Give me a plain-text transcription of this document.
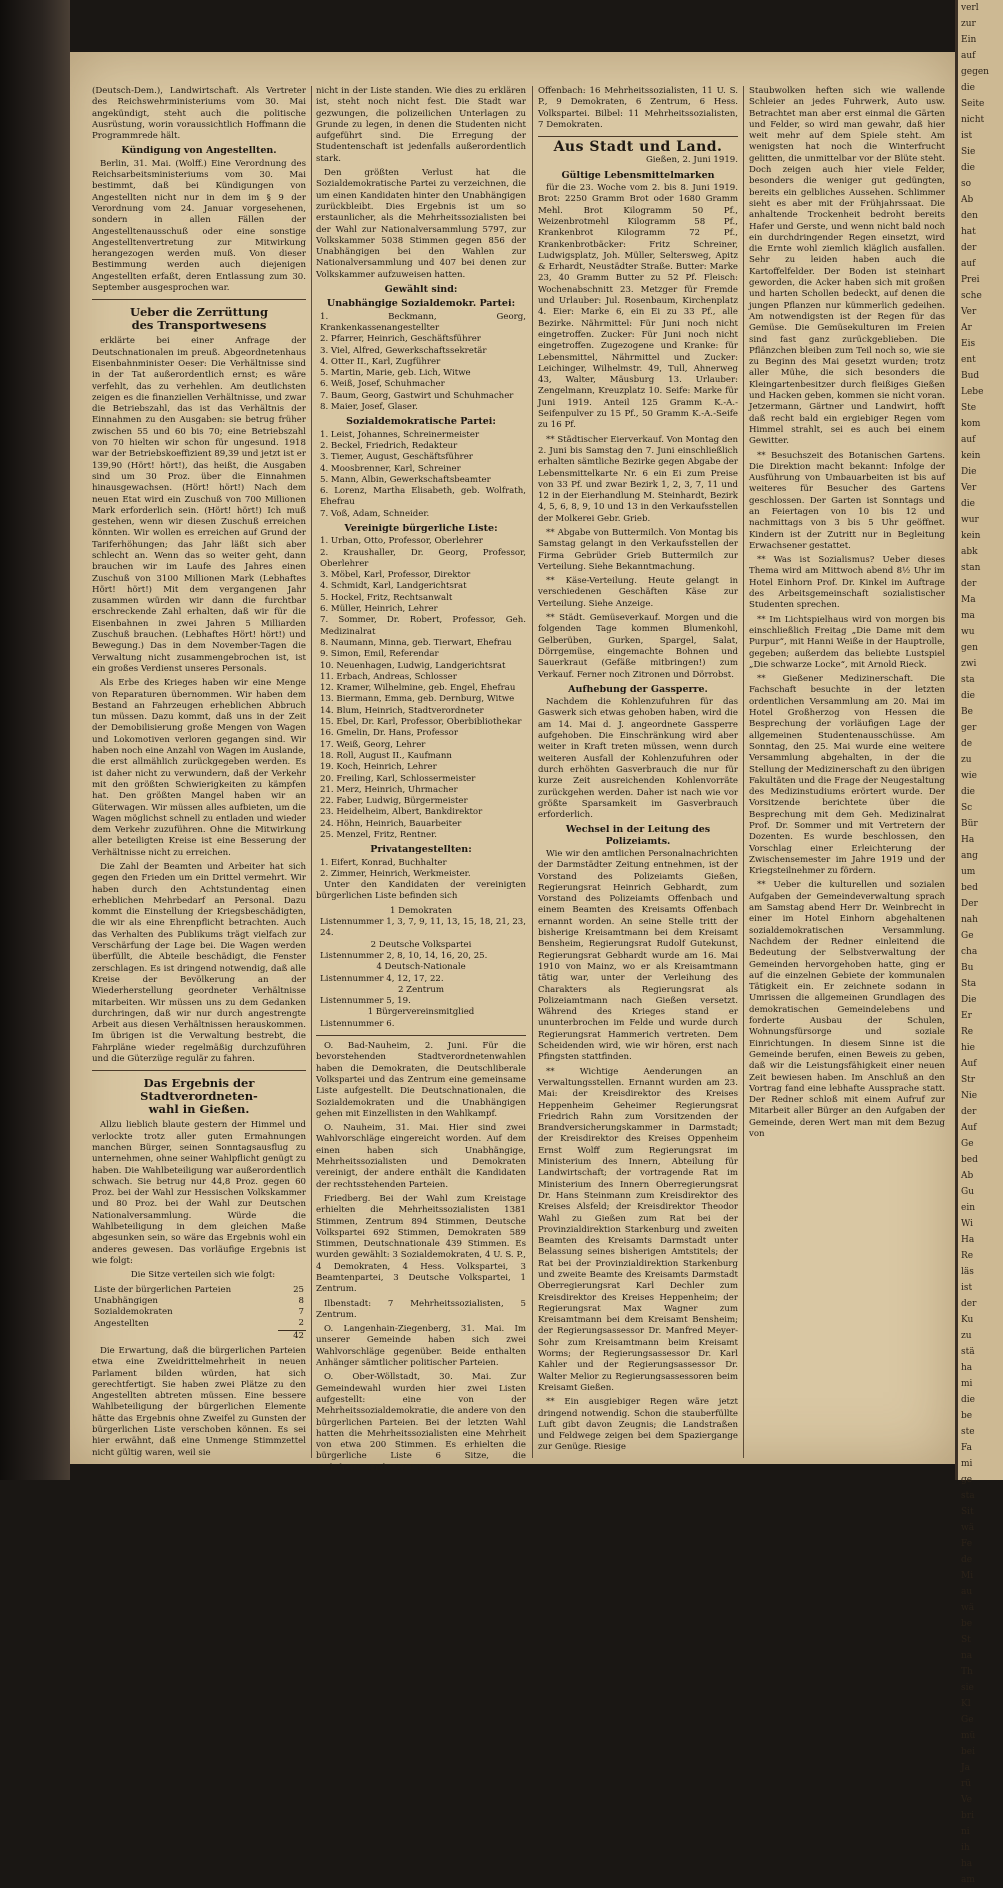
(Deutsch-Dem.), Landwirtschaft. Als Vertreter des Reichswehrministeriums vom 30. Mai angekündigt, steht auch die politische Ausrüstung, worin voraussichtlich Hoffmann die Programmrede hält.

Kündigung von Angestellten.

Berlin, 31. Mai. (Wolff.) Eine Verordnung des Reichsarbeitsministeriums vom 30. Mai bestimmt, daß bei Kündigungen von Angestellten nicht nur in dem im § 9 der Verordnung vom 24. Januar vorgesehenen, sondern in allen Fällen der Angestelltenausschuß oder eine sonstige Angestelltenvertretung zur Mitwirkung herangezogen werden muß. Von dieser Bestimmung werden auch diejenigen Angestellten erfaßt, deren Entlassung zum 30. September ausgesprochen war.

Ueber die Zerrüttung
des Transportwesens

erklärte bei einer Anfrage der Deutschnationalen im preuß. Abgeordnetenhaus Eisenbahnminister Oeser: Die Verhältnisse sind in der Tat außerordentlich ernst; es wäre verfehlt, das zu verhehlen. Am deutlichsten zeigen es die finanziellen Verhältnisse, und zwar die Betriebszahl, das ist das Verhältnis der Einnahmen zu den Ausgaben: sie betrug früher zwischen 55 und 60 bis 70; eine Betriebszahl von 70 hielten wir schon für ungesund. 1918 war der Betriebskoeffizient 89,39 und jetzt ist er 139,90 (Hört! hört!), das heißt, die Ausgaben sind um 30 Proz. über die Einnahmen hinausgewachsen. (Hört! hört!) Nach dem neuen Etat wird ein Zuschuß von 700 Millionen Mark erforderlich sein. (Hört! hört!) Ich muß gestehen, wenn wir diesen Zuschuß erreichen könnten. Wir wollen es erreichen auf Grund der Tariferhöhungen; das Jahr läßt sich aber schlecht an. Wenn das so weiter geht, dann brauchen wir im Laufe des Jahres einen Zuschuß von 3100 Millionen Mark (Lebhaftes Hört! hört!) Mit dem vergangenen Jahr zusammen würden wir dann die furchtbar erschreckende Zahl erhalten, daß wir für die Eisenbahnen in zwei Jahren 5 Milliarden Zuschuß brauchen. (Lebhaftes Hört! hört!) und Bewegung.) Das in dem November-Tagen die Verwaltung nicht zusammengebrochen ist, ist ein großes Verdienst unseres Personals.

Als Erbe des Krieges haben wir eine Menge von Reparaturen übernommen. Wir haben dem Bestand an Fahrzeugen erheblichen Abbruch tun müssen. Dazu kommt, daß uns in der Zeit der Demobilisierung große Mengen von Wagen und Lokomotiven verloren gegangen sind. Wir haben noch eine Anzahl von Wagen im Auslande, die erst allmählich zurückgegeben werden. Es ist daher nicht zu verwundern, daß der Verkehr mit den größten Schwierigkeiten zu kämpfen hat. Den größten Mangel haben wir an Güterwagen. Wir müssen alles aufbieten, um die Wagen möglichst schnell zu entladen und wieder dem Verkehr zuzuführen. Ohne die Mitwirkung aller beteiligten Kreise ist eine Besserung der Verhältnisse nicht zu erreichen.

Die Zahl der Beamten und Arbeiter hat sich gegen den Frieden um ein Drittel vermehrt. Wir haben durch den Achtstundentag einen erheblichen Mehrbedarf an Personal. Dazu kommt die Einstellung der Kriegsbeschädigten, die wir als eine Ehrenpflicht betrachten. Auch das Verhalten des Publikums trägt vielfach zur Verschärfung der Lage bei. Die Wagen werden überfüllt, die Abteile beschädigt, die Fenster zerschlagen. Es ist dringend notwendig, daß alle Kreise der Bevölkerung an der Wiederherstellung geordneter Verhältnisse mitarbeiten. Wir müssen uns zu dem Gedanken durchringen, daß wir nur durch angestrengte Arbeit aus diesen Verhältnissen herauskommen. Im übrigen ist die Verwaltung bestrebt, die Fahrpläne wieder regelmäßig durchzuführen und die Güterzüge regulär zu fahren.

Das Ergebnis der Stadtverordneten-
wahl in Gießen.

Allzu lieblich blaute gestern der Himmel und verlockte trotz aller guten Ermahnungen manchen Bürger, seinen Sonntagsausflug zu unternehmen, ohne seiner Wahlpflicht genügt zu haben. Die Wahlbeteiligung war außerordentlich schwach. Sie betrug nur 44,8 Proz. gegen 60 Proz. bei der Wahl zur Hessischen Volkskammer und 80 Proz. bei der Wahl zur Deutschen Nationalversammlung. Würde die Wahlbeteiligung in dem gleichen Maße abgesunken sein, so wäre das Ergebnis wohl ein anderes gewesen. Das vorläufige Ergebnis ist wie folgt:

Die Sitze verteilen sich wie folgt:

Liste der bürgerlichen Parteien	25
Unabhängigen	8
Sozialdemokraten	7
Angestellten	2
	42

Die Erwartung, daß die bürgerlichen Parteien etwa eine Zweidrittelmehrheit in neuen Parlament bilden würden, hat sich gerechtfertigt. Sie haben zwei Plätze zu den Angestellten abtreten müssen. Eine bessere Wahlbeteiligung der bürgerlichen Elemente hätte das Ergebnis ohne Zweifel zu Gunsten der bürgerlichen Liste verschoben können. Es sei hier erwähnt, daß eine Unmenge Stimmzettel nicht gültig waren, weil sie

nicht in der Liste standen. Wie dies zu erklären ist, steht noch nicht fest. Die Stadt war gezwungen, die polizeilichen Unterlagen zu Grunde zu legen, in denen die Studenten nicht aufgeführt sind. Die Erregung der Studentenschaft ist jedenfalls außerordentlich stark.

Den größten Verlust hat die Sozialdemokratische Partei zu verzeichnen, die um einen Kandidaten hinter den Unabhängigen zurückbleibt. Dies Ergebnis ist um so erstaunlicher, als die Mehrheitssozialisten bei der Wahl zur Nationalversammlung 5797, zur Volkskammer 5038 Stimmen gegen 856 der Unabhängigen bei den Wahlen zur Nationalversammlung und 407 bei denen zur Volkskammer aufzuweisen hatten.

Gewählt sind:
Unabhängige Sozialdemokr. Partei:
1. Beckmann, Georg, Krankenkassenangestellter
2. Pfarrer, Heinrich, Geschäftsführer
3. Viel, Alfred, Gewerkschaftssekretär
4. Otter II., Karl, Zugführer
5. Martin, Marie, geb. Lich, Witwe
6. Weiß, Josef, Schuhmacher
7. Baum, Georg, Gastwirt und Schuhmacher
8. Maier, Josef, Glaser.
Sozialdemokratische Partei:
1. Leist, Johannes, Schreinermeister
2. Beckel, Friedrich, Redakteur
3. Tiemer, August, Geschäftsführer
4. Moosbrenner, Karl, Schreiner
5. Mann, Albin, Gewerkschaftsbeamter
6. Lorenz, Martha Elisabeth, geb. Wolfrath, Ehefrau
7. Voß, Adam, Schneider.
Vereinigte bürgerliche Liste:
1. Urban, Otto, Professor, Oberlehrer
2. Kraushaller, Dr. Georg, Professor, Oberlehrer
3. Möbel, Karl, Professor, Direktor
4. Schmidt, Karl, Landgerichtsrat
5. Hockel, Fritz, Rechtsanwalt
6. Müller, Heinrich, Lehrer
7. Sommer, Dr. Robert, Professor, Geh. Medizinalrat
8. Naumann, Minna, geb. Tierwart, Ehefrau
9. Simon, Emil, Referendar
10. Neuenhagen, Ludwig, Landgerichtsrat
11. Erbach, Andreas, Schlosser
12. Kramer, Wilhelmine, geb. Engel, Ehefrau
13. Biermann, Emma, geb. Dernburg, Witwe
14. Blum, Heinrich, Stadtverordneter
15. Ebel, Dr. Karl, Professor, Oberbibliothekar
16. Gmelin, Dr. Hans, Professor
17. Weiß, Georg, Lehrer
18. Roll, August II., Kaufmann
19. Koch, Heinrich, Lehrer
20. Freiling, Karl, Schlossermeister
21. Merz, Heinrich, Uhrmacher
22. Faber, Ludwig, Bürgermeister
23. Heidelheim, Albert, Bankdirektor
24. Höhn, Heinrich, Bauarbeiter
25. Menzel, Fritz, Rentner.
Privatangestellten:
1. Eifert, Konrad, Buchhalter
2. Zimmer, Heinrich, Werkmeister.

Unter den Kandidaten der vereinigten bürgerlichen Liste befinden sich

1 Demokraten
Listennummer 1, 3, 7, 9, 11, 13, 15, 18, 21, 23, 24.
2 Deutsche Volkspartei
Listennummer 2, 8, 10, 14, 16, 20, 25.
4 Deutsch-Nationale
Listennummer 4, 12, 17, 22.
2 Zentrum
Listennummer 5, 19.
1 Bürgervereinsmitglied
Listennummer 6.

O. Bad-Nauheim, 2. Juni. Für die bevorstehenden Stadtverordnetenwahlen haben die Demokraten, die Deutschliberale Volkspartei und das Zentrum eine gemeinsame Liste aufgestellt. Die Deutschnationalen, die Sozialdemokraten und die Unabhängigen gehen mit Einzellisten in den Wahlkampf.

O. Nauheim, 31. Mai. Hier sind zwei Wahlvorschläge eingereicht worden. Auf dem einen haben sich Unabhängige, Mehrheitssozialisten und Demokraten vereinigt, der andere enthält die Kandidaten der rechtsstehenden Parteien.

Friedberg. Bei der Wahl zum Kreistage erhielten die Mehrheitssozialisten 1381 Stimmen, Zentrum 894 Stimmen, Deutsche Volkspartei 692 Stimmen, Demokraten 589 Stimmen, Deutschnationale 439 Stimmen. Es wurden gewählt: 3 Sozialdemokraten, 4 U. S. P., 4 Demokraten, 4 Hess. Volkspartei, 3 Beamtenpartei, 3 Deutsche Volkspartei, 1 Zentrum.

Ilbenstadt: 7 Mehrheitssozialisten, 5 Zentrum.

O. Langenhain-Ziegenberg, 31. Mai. Im unserer Gemeinde haben sich zwei Wahlvorschläge gegenüber. Beide enthalten Anhänger sämtlicher politischer Parteien.

O. Ober-Wöllstadt, 30. Mai. Zur Gemeindewahl wurden hier zwei Listen aufgestellt: eine von der Mehrheitssozialdemokratie, die andere von den bürgerlichen Parteien. Bei der letzten Wahl hatten die Mehrheitssozialisten eine Mehrheit von etwa 200 Stimmen. Es erhielten die bürgerliche Liste 6 Sitze, die Mehrheitssozialisten 6 Sitze.

Offenbach: 16 Mehrheitssozialisten, 11 U. S. P., 9 Demokraten, 6 Zentrum, 6 Hess. Volkspartei. Bilbel: 11 Mehrheitssozialisten, 7 Demokraten.

Aus Stadt und Land.
Gießen, 2. Juni 1919.
Gültige Lebensmittelmarken

für die 23. Woche vom 2. bis 8. Juni 1919. Brot: 2250 Gramm Brot oder 1680 Gramm Mehl. Brot Kilogramm 50 Pf., Weizenbrotmehl Kilogramm 58 Pf., Krankenbrot Kilogramm 72 Pf., Krankenbrotbäcker: Fritz Schreiner, Ludwigsplatz, Joh. Müller, Seltersweg, Apitz & Erhardt, Neustädter Straße. Butter: Marke 23, 40 Gramm Butter zu 52 Pf. Fleisch: Wochenabschnitt 23. Metzger für Fremde und Urlauber: Jul. Rosenbaum, Kirchenplatz 4. Eier: Marke 6, ein Ei zu 33 Pf., alle Bezirke. Nährmittel: Für Juni noch nicht eingetroffen. Zucker: Für Juni noch nicht eingetroffen. Zugezogene und Kranke: für Lebensmittel, Nährmittel und Zucker: Leichinger, Wilhelmstr. 49, Tull, Ahnerweg 43, Walter, Mäusburg 13. Urlauber: Zengelmann, Kreuzplatz 10. Seife: Marke für Juni 1919. Anteil 125 Gramm K.-A.-Seifenpulver zu 15 Pf., 50 Gramm K.-A.-Seife zu 16 Pf.

** Städtischer Eierverkauf. Von Montag den 2. Juni bis Samstag den 7. Juni einschließlich erhalten sämtliche Bezirke gegen Abgabe der Lebensmittelkarte Nr. 6 ein Ei zum Preise von 33 Pf. und zwar Bezirk 1, 2, 3, 7, 11 und 12 in der Eierhandlung M. Steinhardt, Bezirk 4, 5, 6, 8, 9, 10 und 13 in den Verkaufsstellen der Molkerei Gebr. Grieb.

** Abgabe von Buttermilch. Von Montag bis Samstag gelangt in den Verkaufsstellen der Firma Gebrüder Grieb Buttermilch zur Verteilung. Siehe Bekanntmachung.

** Käse-Verteilung. Heute gelangt in verschiedenen Geschäften Käse zur Verteilung. Siehe Anzeige.

** Städt. Gemüseverkauf. Morgen und die folgenden Tage kommen Blumenkohl, Gelberüben, Gurken, Spargel, Salat, Dörrgemüse, eingemachte Bohnen und Sauerkraut (Gefäße mitbringen!) zum Verkauf. Ferner noch Zitronen und Dörrobst.

Aufhebung der Gassperre.

Nachdem die Kohlenzufuhren für das Gaswerk sich etwas gehoben haben, wird die am 14. Mai d. J. angeordnete Gassperre aufgehoben. Die Einschränkung wird aber weiter in Kraft treten müssen, wenn durch weiteren Ausfall der Kohlenzufuhren oder durch erhöhten Gasverbrauch die nur für kurze Zeit ausreichenden Kohlenvorräte zurückgehen werden. Daher ist nach wie vor größte Sparsamkeit im Gasverbrauch erforderlich.

Wechsel in der Leitung des Polizeiamts.

Wie wir den amtlichen Personalnachrichten der Darmstädter Zeitung entnehmen, ist der Vorstand des Polizeiamts Gießen, Regierungsrat Heinrich Gebhardt, zum Vorstand des Polizeiamts Offenbach und einem Beamten des Kreisamts Offenbach ernannt worden. An seine Stelle tritt der bisherige Kreisamtmann bei dem Kreisamt Bensheim, Regierungsrat Rudolf Gutekunst, Regierungsrat Gebhardt wurde am 16. Mai 1910 von Mainz, wo er als Kreisamtmann tätig war, unter der Verleihung des Charakters als Regierungsrat als Polizeiamtmann nach Gießen versetzt. Während des Krieges stand er ununterbrochen im Felde und wurde durch Regierungsrat Hammerich vertreten. Dem Scheidenden wird, wie wir hören, erst nach Pfingsten stattfinden.

** Wichtige Aenderungen an Verwaltungsstellen. Ernannt wurden am 23. Mai: der Kreisdirektor des Kreises Heppenheim Geheimer Regierungsrat Friedrich Rahn zum Vorsitzenden der Brandversicherungskammer in Darmstadt; der Kreisdirektor des Kreises Oppenheim Ernst Wolff zum Regierungsrat im Ministerium des Innern, Abteilung für Landwirtschaft; der vortragende Rat im Ministerium des Innern Oberregierungsrat Dr. Hans Steinmann zum Kreisdirektor des Kreises Alsfeld; der Kreisdirektor Theodor Wahl zu Gießen zum Rat bei der Provinzialdirektion Starkenburg und zweiten Beamten des Kreisamts Darmstadt unter Belassung seines bisherigen Amtstitels; der Rat bei der Provinzialdirektion Starkenburg und zweite Beamte des Kreisamts Darmstadt Oberregierungsrat Karl Dechler zum Kreisdirektor des Kreises Heppenheim; der Regierungsrat Max Wagner zum Kreisamtmann bei dem Kreisamt Bensheim; der Regierungsassessor Dr. Manfred Meyer-Sohr zum Kreisamtmann beim Kreisamt Worms; der Regierungsassessor Dr. Karl Kahler und der Regierungsassessor Dr. Walter Melior zu Regierungsassessoren beim Kreisamt Gießen.

** Ein ausgiebiger Regen wäre jetzt dringend notwendig. Schon die stauberfüllte Luft gibt davon Zeugnis; die Landstraßen und Feldwege zeigen bei dem Spaziergange zur Genüge. Riesige

Staubwolken heften sich wie wallende Schleier an jedes Fuhrwerk, Auto usw. Betrachtet man aber erst einmal die Gärten und Felder, so wird man gewahr, daß hier weit mehr auf dem Spiele steht. Am wenigsten hat noch die Winterfrucht gelitten, die unmittelbar vor der Blüte steht. Doch zeigen auch hier viele Felder, besonders die weniger gut gedüngten, bereits ein gelbliches Aussehen. Schlimmer sieht es aber mit der Frühjahrssaat. Die anhaltende Trockenheit bedroht bereits Hafer und Gerste, und wenn nicht bald noch ein durchdringender Regen einsetzt, wird die Ernte wohl ziemlich kläglich ausfallen. Sehr zu leiden haben auch die Kartoffelfelder. Der Boden ist steinhart geworden, die Acker haben sich mit großen und harten Schollen bedeckt, auf denen die jungen Pflanzen nur kümmerlich gedeihen. Am notwendigsten ist der Regen für das Gemüse. Die Gemüsekulturen im Freien sind fast ganz zurückgeblieben. Die Pflänzchen bleiben zum Teil noch so, wie sie zu Beginn des Mai gesetzt wurden; trotz aller Mühe, die sich besonders die Kleingartenbesitzer durch fleißiges Gießen und Hacken geben, kommen sie nicht voran. Jetzermann, Gärtner und Landwirt, hofft daß recht bald ein ergiebiger Regen vom Himmel strahlt, sei es auch bei einem Gewitter.

** Besuchszeit des Botanischen Gartens. Die Direktion macht bekannt: Infolge der Ausführung von Umbauarbeiten ist bis auf weiteres für Besucher des Gartens geschlossen. Der Garten ist Sonntags und an Feiertagen von 10 bis 12 und nachmittags von 3 bis 5 Uhr geöffnet. Kindern ist der Zutritt nur in Begleitung Erwachsener gestattet.

** Was ist Sozialismus? Ueber dieses Thema wird am Mittwoch abend 8½ Uhr im Hotel Einhorn Prof. Dr. Kinkel im Auftrage des Arbeitsgemeinschaft sozialistischer Studenten sprechen.

** Im Lichtspielhaus wird von morgen bis einschließlich Freitag „Die Dame mit dem Purpur“, mit Hanni Weiße in der Hauptrolle, gegeben; außerdem das beliebte Lustspiel „Die schwarze Locke“, mit Arnold Rieck.

** Gießener Medizinerschaft. Die Fachschaft besuchte in der letzten ordentlichen Versammlung am 20. Mai im Hotel Großherzog von Hessen die Besprechung der vorläufigen Lage der allgemeinen Studentenausschüsse. Am Sonntag, den 25. Mai wurde eine weitere Versammlung abgehalten, in der die Stellung der Medizinerschaft zu den übrigen Fakultäten und die Frage der Neugestaltung des Medizinstudiums erörtert wurde. Der Vorsitzende berichtete über die Besprechung mit dem Geh. Medizinalrat Prof. Dr. Sommer und mit Vertretern der Dozenten. Es wurde beschlossen, den Vorschlag einer Erleichterung der Zwischensemester im Jahre 1919 und der Kriegsteilnehmer zu fördern.

** Ueber die kulturellen und sozialen Aufgaben der Gemeindeverwaltung sprach am Samstag abend Herr Dr. Weinbrecht in einer im Hotel Einhorn abgehaltenen sozialdemokratischen Versammlung. Nachdem der Redner einleitend die Bedeutung der Selbstverwaltung der Gemeinden hervorgehoben hatte, ging er auf die einzelnen Gebiete der kommunalen Tätigkeit ein. Er zeichnete sodann in Umrissen die allgemeinen Grundlagen des demokratischen Gemeindelebens und forderte Ausbau der Schulen, Wohnungsfürsorge und soziale Einrichtungen. In diesem Sinne ist die Gemeinde berufen, einen Beweis zu geben, daß wir die Leistungsfähigkeit einer neuen Zeit bewiesen haben. Im Anschluß an den Vortrag fand eine lebhafte Aussprache statt. Der Redner schloß mit einem Aufruf zur Mitarbeit aller Bürger an den Aufgaben der Gemeinde, deren Wert man mit dem Bezug von

verl
zur
Ein
auf
gegen
die
Seite
nicht
ist
Sie
die
so
Ab
den
hat
der
auf
Prei
sche
Ver
Ar
Eis
ent
Bud
Lebe
Ste
kom
auf
kein
Die
Ver
die
wur
kein
abk
stan
der
Ma
ma
wu
gen
zwi
sta
die
Be
ger
de
zu
wie
die
Sc
Bür
Ha
ang
um
bed
Der
nah
Ge
cha
Bu
Sta
Die
Er
Re
hie
Auf
Str
Nie
der
Auf
Ge
bed
Ab
Gu
ein
Wi
Ha
Re
läs
ist
der
Ku
zu
stä
ha
mi
die
be
ste
Fa
mi
ge
sta
Sit
wä
Fe
de
Mi
au
wä
be
St
na
Th
sie
Kl
Ge
mü
bei
Ja
rü
Ve
bri
ni
ih
ha
am
